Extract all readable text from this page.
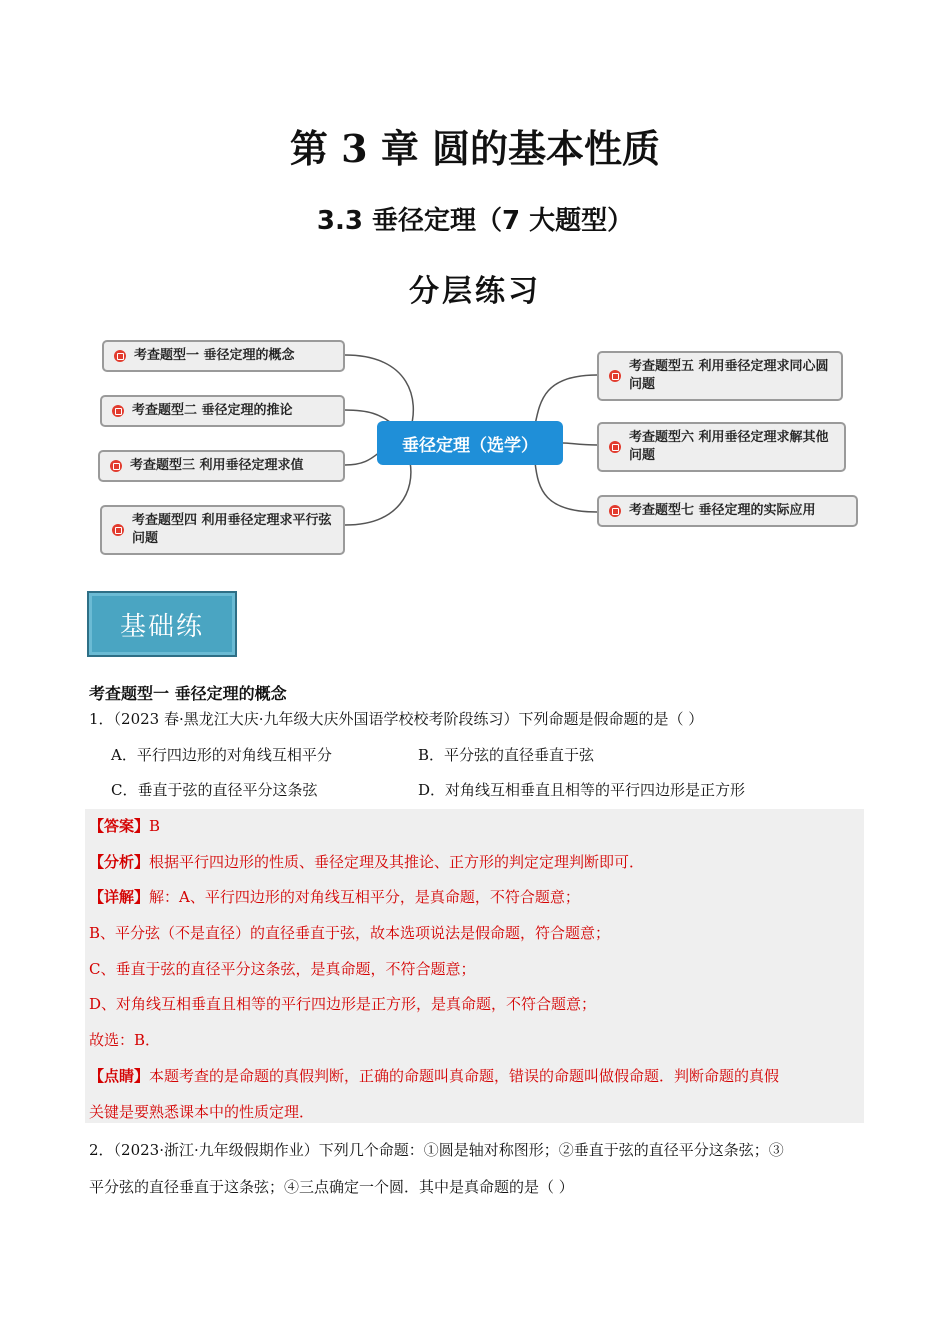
第 3 章 圆的基本性质
3.3 垂径定理（7 大题型）
分层练习
考查题型一 垂径定理的概念
考查题型二 垂径定理的推论
考查题型三 利用垂径定理求值
考查题型四 利用垂径定理求平行弦问题
垂径定理（选学）
考查题型五 利用垂径定理求同心圆问题
考查题型六 利用垂径定理求解其他问题
考查题型七 垂径定理的实际应用
基础练
考查题型一 垂径定理的概念
1．（2023 春·黑龙江大庆·九年级大庆外国语学校校考阶段练习）下列命题是假命题的是（ ）
A．平行四边形的对角线互相平分	B．平分弦的直径垂直于弦
C．垂直于弦的直径平分这条弦	D．对角线互相垂直且相等的平行四边形是正方形
【答案】B
【分析】根据平行四边形的性质、垂径定理及其推论、正方形的判定定理判断即可．
【详解】解：A、平行四边形的对角线互相平分，是真命题，不符合题意；
B、平分弦（不是直径）的直径垂直于弦，故本选项说法是假命题，符合题意；
C、垂直于弦的直径平分这条弦，是真命题，不符合题意；
D、对角线互相垂直且相等的平行四边形是正方形，是真命题，不符合题意；
故选：B．
【点睛】本题考查的是命题的真假判断，正确的命题叫真命题，错误的命题叫做假命题．判断命题的真假
关键是要熟悉课本中的性质定理．
2．（2023·浙江·九年级假期作业）下列几个命题：①圆是轴对称图形；②垂直于弦的直径平分这条弦；③
平分弦的直径垂直于这条弦；④三点确定一个圆．其中是真命题的是（ ）
